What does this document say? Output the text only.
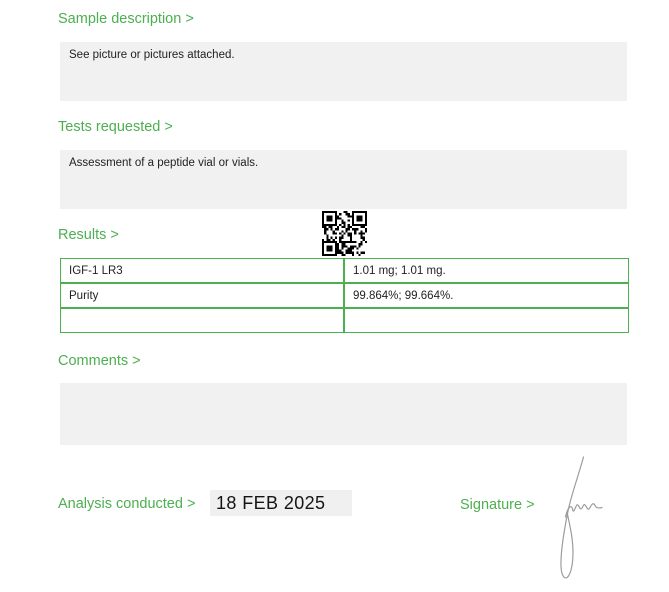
Sample description >
See picture or pictures attached.
Tests requested >
Assessment of a peptide vial or vials.
Results >
IGF-1 LR3	1.01 mg; 1.01 mg.
Purity	99.864%; 99.664%.

Comments >
Analysis conducted >	18 FEB 2025	Signature >
